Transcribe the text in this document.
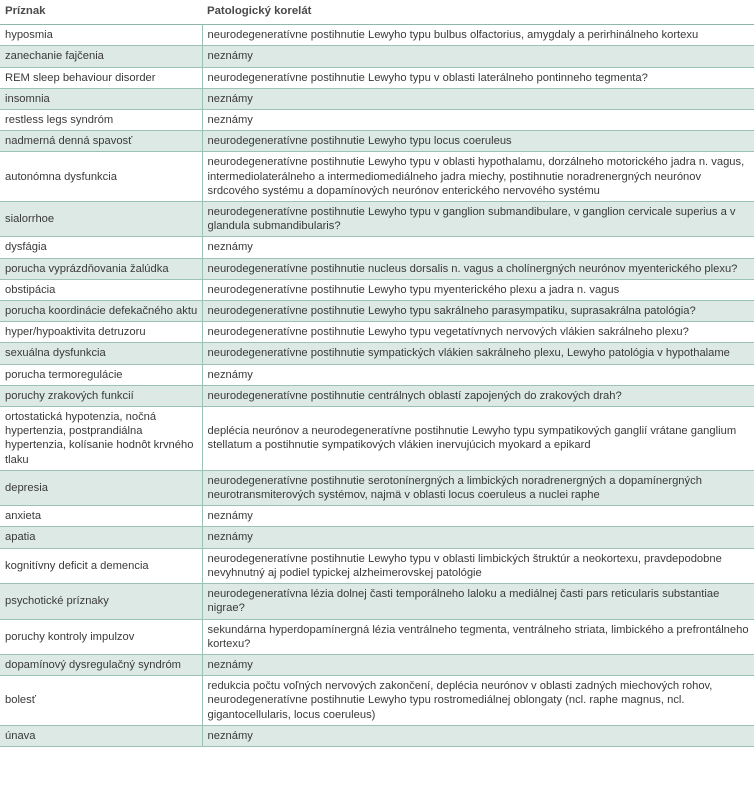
Príznak	Patologický korelát
hyposmia	neurodegeneratívne postihnutie Lewyho typu bulbus olfactorius, amygdaly a perirhinálneho kortexu
zanechanie fajčenia	neznámy
REM sleep behaviour disorder	neurodegeneratívne postihnutie Lewyho typu v oblasti laterálneho pontinneho tegmenta?
insomnia	neznámy
restless legs syndróm	neznámy
nadmerná denná spavosť	neurodegeneratívne postihnutie Lewyho typu locus coeruleus
autonómna dysfunkcia	neurodegeneratívne postihnutie Lewyho typu v oblasti hypothalamu, dorzálneho motorického jadra n. vagus, intermediolaterálneho a intermediomediálneho jadra miechy, postihnutie noradrenergných neurónov srdcového systému a dopamínových neurónov enterického nervového systému
sialorrhoe	neurodegeneratívne postihnutie Lewyho typu v ganglion submandibulare, v ganglion cervicale superius a v glandula submandibularis?
dysfágia	neznámy
porucha vyprázdňovania žalúdka	neurodegeneratívne postihnutie nucleus dorsalis n. vagus a cholínergných neurónov myenterického plexu?
obstipácia	neurodegeneratívne postihnutie Lewyho typu myenterického plexu a jadra n. vagus
porucha koordinácie defekačného aktu	neurodegeneratívne postihnutie Lewyho typu sakrálneho parasympatiku, suprasakrálna patológia?
hyper/hypoaktivita detruzoru	neurodegeneratívne postihnutie Lewyho typu vegetatívnych nervových vlákien sakrálneho plexu?
sexuálna dysfunkcia	neurodegeneratívne postihnutie sympatických vlákien sakrálneho plexu, Lewyho patológia v hypothalame
porucha termoregulácie	neznámy
poruchy zrakových funkcií	neurodegeneratívne postihnutie centrálnych oblastí zapojených do zrakových drah?
ortostatická hypotenzia, nočná hypertenzia, postprandiálna hypertenzia, kolísanie hodnôt krvného tlaku	depléci​a neurónov a neurodegeneratívne postihnutie Lewyho typu sympatikových ganglií vrátane ganglium stellatum a postihnutie sympatikových vlákien inervujúcich myokard a epikard
depresia	neurodegeneratívne postihnutie serotonínergných a limbických noradrenergných a dopamínergných neurotransmiterových systémov, najmä v oblasti locus coeruleus a nuclei raphe
anxieta	neznámy
apatia	neznámy
kognitívny deficit a demencia	neurodegeneratívne postihnutie Lewyho typu v oblasti limbických štruktúr a neokortexu, pravdepodobne nevyhnutný aj podiel typickej alzheimerovskej patológie
psychotické príznaky	neurodegeneratívna lézia dolnej časti temporálneho laloku a mediálnej časti pars reticularis substantiae nigrae?
poruchy kontroly impulzov	sekundárna hyperdopamínergná lézia ventrálneho tegmenta, ventrálneho striata, limbického a prefrontálneho kortexu?
dopamínový dysregulačný syndróm	neznámy
bolesť	redukcia počtu voľných nervových zakončení, depléci​a neurónov v oblasti zadných miechových rohov, neurodegeneratívne postihnutie Lewyho typu rostromediálnej oblongaty (ncl. raphe magnus, ncl. gigantocellularis, locus coeruleus)
únava	neznámy
